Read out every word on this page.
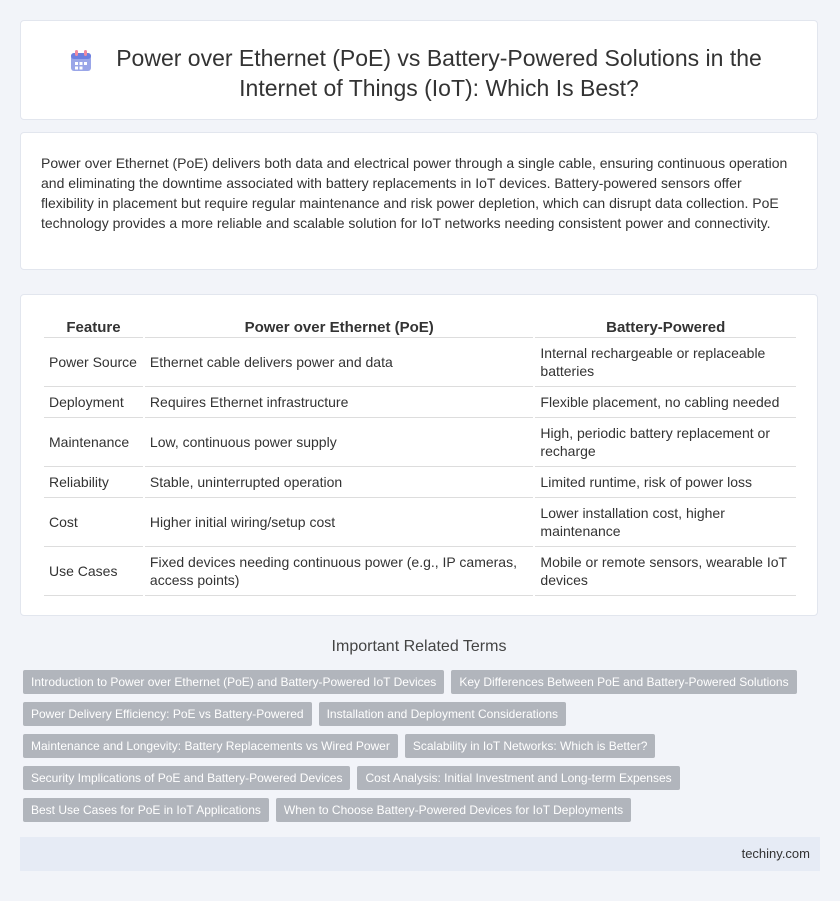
Power over Ethernet (PoE) vs Battery-Powered Solutions in the Internet of Things (IoT): Which Is Best?

Power over Ethernet (PoE) delivers both data and electrical power through a single cable, ensuring continuous operation and eliminating the downtime associated with battery replacements in IoT devices. Battery-powered sensors offer flexibility in placement but require regular maintenance and risk power depletion, which can disrupt data collection. PoE technology provides a more reliable and scalable solution for IoT networks needing consistent power and connectivity.

Feature	Power over Ethernet (PoE)	Battery-Powered
Power Source	Ethernet cable delivers power and data	Internal rechargeable or replaceable batteries
Deployment	Requires Ethernet infrastructure	Flexible placement, no cabling needed
Maintenance	Low, continuous power supply	High, periodic battery replacement or recharge
Reliability	Stable, uninterrupted operation	Limited runtime, risk of power loss
Cost	Higher initial wiring/setup cost	Lower installation cost, higher maintenance
Use Cases	Fixed devices needing continuous power (e.g., IP cameras, access points)	Mobile or remote sensors, wearable IoT devices
Important Related Terms
Introduction to Power over Ethernet (PoE) and Battery-Powered IoT Devices	Key Differences Between PoE and Battery-Powered Solutions
Power Delivery Efficiency: PoE vs Battery-Powered	Installation and Deployment Considerations
Maintenance and Longevity: Battery Replacements vs Wired Power	Scalability in IoT Networks: Which is Better?
Security Implications of PoE and Battery-Powered Devices	Cost Analysis: Initial Investment and Long-term Expenses
Best Use Cases for PoE in IoT Applications	When to Choose Battery-Powered Devices for IoT Deployments
techiny.com
